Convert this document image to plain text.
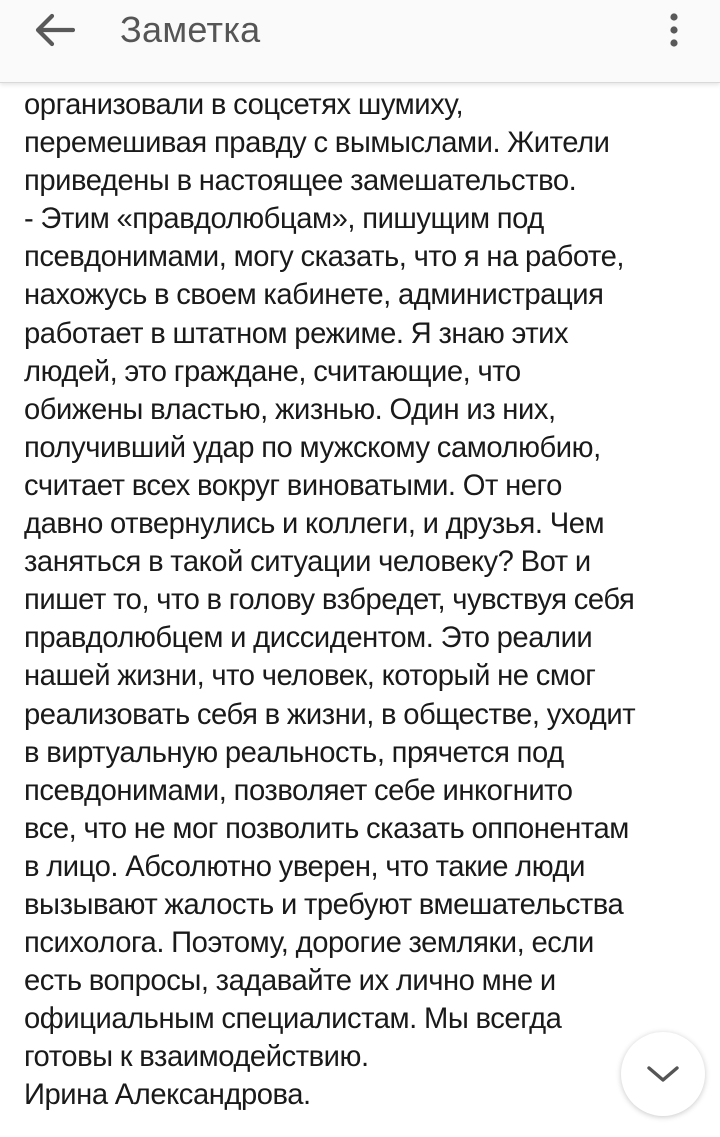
Заметка
организовали в соцсетях шумиху,
перемешивая правду с вымыслами. Жители
приведены в настоящее замешательство.
- Этим «правдолюбцам», пишущим под
псевдонимами, могу сказать, что я на работе,
нахожусь в своем кабинете, администрация
работает в штатном режиме. Я знаю этих
людей, это граждане, считающие, что
обижены властью, жизнью. Один из них,
получивший удар по мужскому самолюбию,
считает всех вокруг виноватыми. От него
давно отвернулись и коллеги, и друзья. Чем
заняться в такой ситуации человеку? Вот и
пишет то, что в голову взбредет, чувствуя себя
правдолюбцем и диссидентом. Это реалии
нашей жизни, что человек, который не смог
реализовать себя в жизни, в обществе, уходит
в виртуальную реальность, прячется под
псевдонимами, позволяет себе инкогнито
все, что не мог позволить сказать оппонентам
в лицо. Абсолютно уверен, что такие люди
вызывают жалость и требуют вмешательства
психолога. Поэтому, дорогие земляки, если
есть вопросы, задавайте их лично мне и
официальным специалистам. Мы всегда
готовы к взаимодействию.
Ирина Александрова.
